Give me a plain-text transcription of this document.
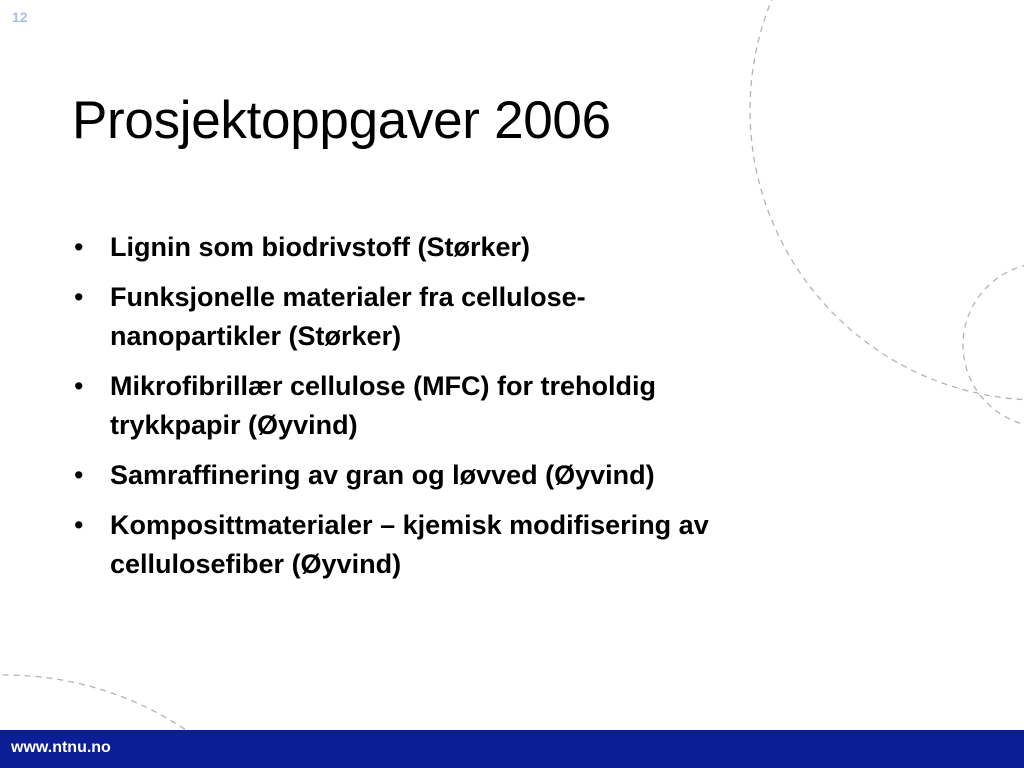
12
Prosjektoppgaver 2006
• Lignin som biodrivstoff (Størker)
• Funksjonelle materialer fra cellulose-
nanopartikler (Størker)
• Mikrofibrillær cellulose (MFC) for treholdig
trykkpapir (Øyvind)
• Samraffinering av gran og løvved (Øyvind)
• Komposittmaterialer – kjemisk modifisering av
cellulosefiber (Øyvind)
www.ntnu.no
